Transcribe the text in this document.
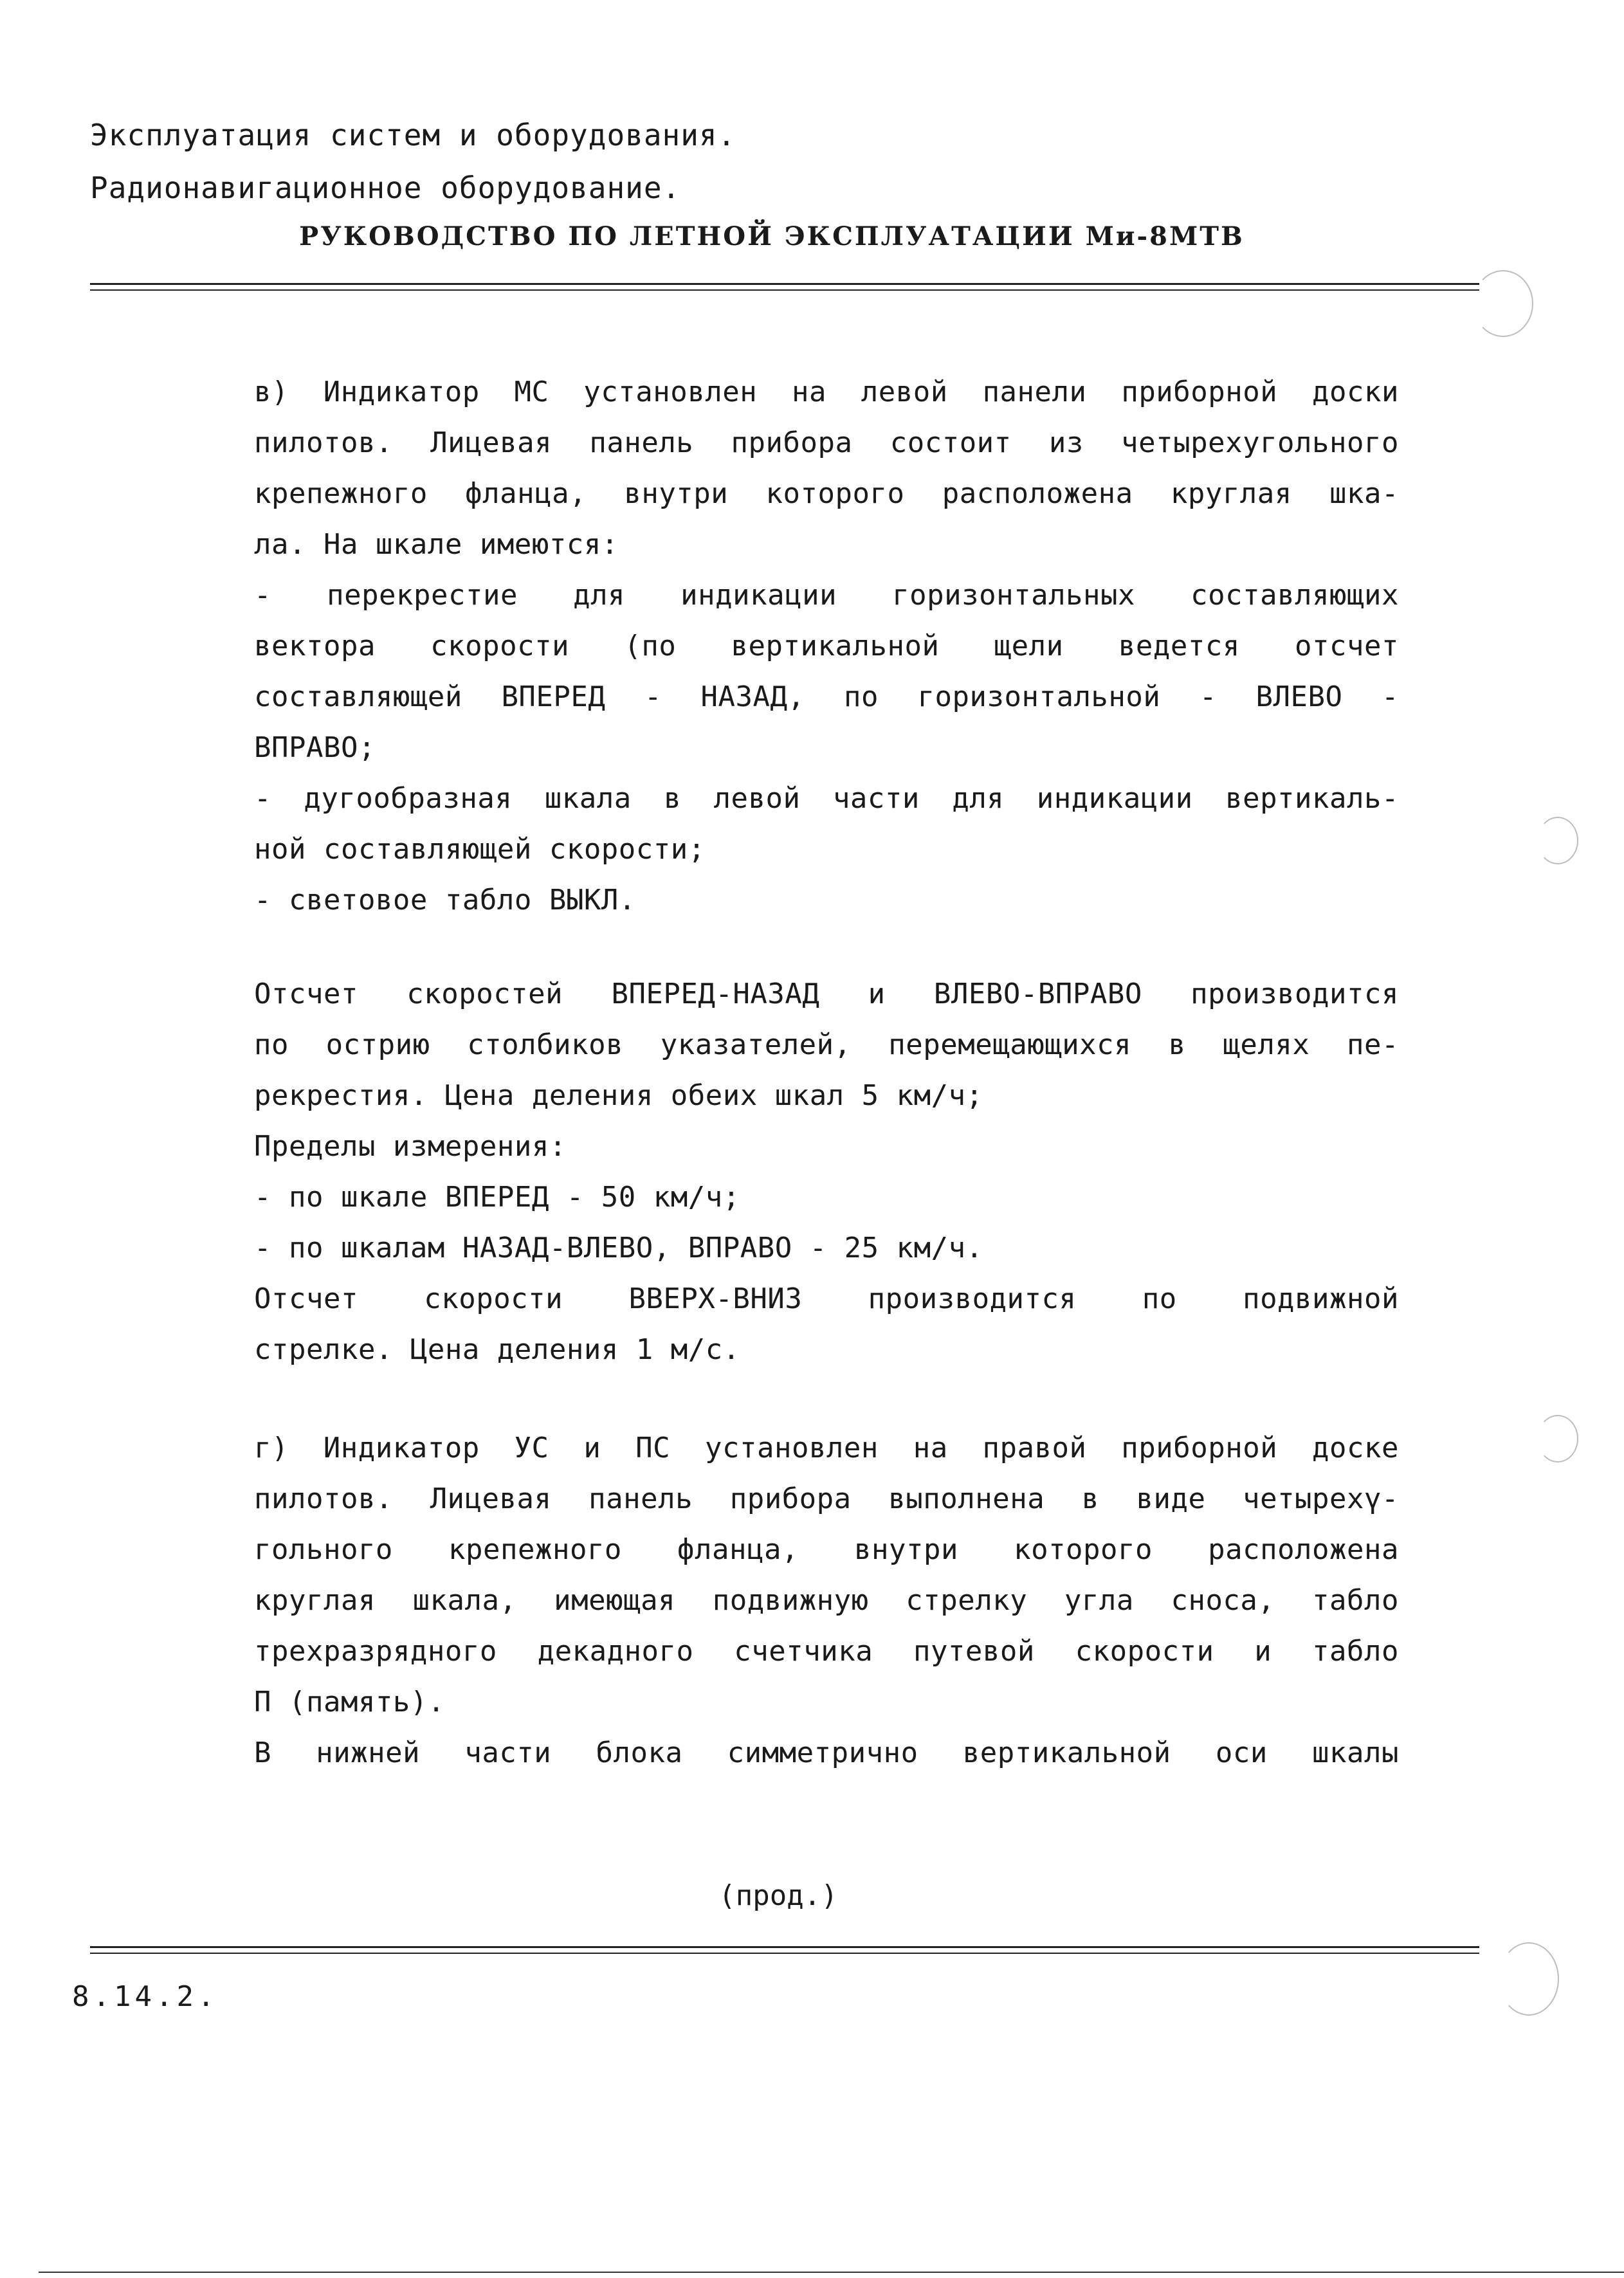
Эксплуатация систем и оборудования.
Радионавигационное оборудование.
РУКОВОДСТВО ПО ЛЕТНОЙ ЭКСПЛУАТАЦИИ Ми-8МТВ
в) Индикатор МС установлен на левой панели приборной доски
пилотов. Лицевая панель прибора состоит из четырехугольного
крепежного фланца, внутри которого расположена круглая шка-
ла. На шкале имеются:
- перекрестие для индикации горизонтальных составляющих
вектора скорости (по вертикальной щели ведется отсчет
составляющей ВПЕРЕД - НАЗАД, по горизонтальной - ВЛЕВО -
ВПРАВО;
- дугообразная шкала в левой части для индикации вертикаль-
ной составляющей скорости;
- световое табло ВЫКЛ.
Отсчет скоростей ВПЕРЕД-НАЗАД и ВЛЕВО-ВПРАВО производится
по острию столбиков указателей, перемещающихся в щелях пе-
рекрестия. Цена деления обеих шкал 5 км/ч;
Пределы измерения:
- по шкале ВПЕРЕД - 50 км/ч;
- по шкалам НАЗАД-ВЛЕВО, ВПРАВО - 25 км/ч.
Отсчет скорости ВВЕРХ-ВНИЗ производится по подвижной
стрелке. Цена деления 1 м/с.
г) Индикатор УС и ПС установлен на правой приборной доске
пилотов. Лицевая панель прибора выполнена в виде четырехү-
гольного крепежного фланца, внутри которого расположена
круглая шкала, имеющая подвижную стрелку угла сноса, табло
трехразрядного декадного счетчика путевой скорости и табло
П (память).
В нижней части блока симметрично вертикальной оси шкалы
(прод.)
8.14.2.
